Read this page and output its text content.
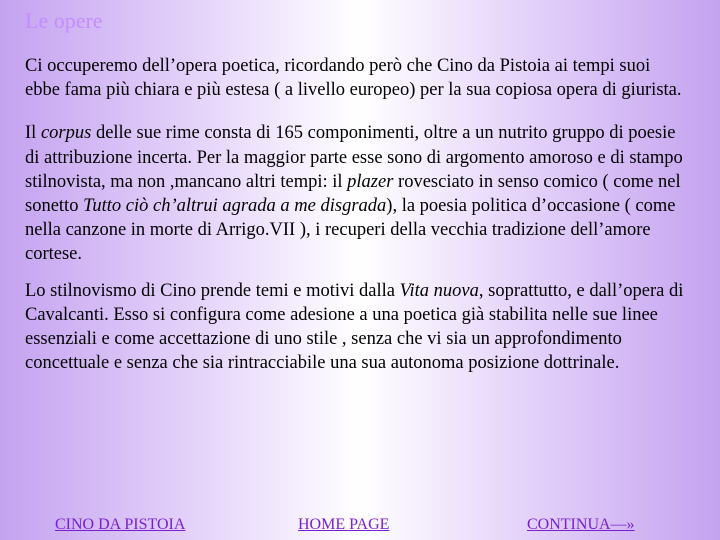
Le opere

Ci occuperemo dell’opera poetica, ricordando però che Cino da Pistoia ai tempi suoi ebbe fama più chiara e più estesa ( a livello europeo) per la sua copiosa opera di giurista.

Il corpus delle sue rime consta di 165 componimenti, oltre a un nutrito gruppo di poesie di attribuzione incerta. Per la maggior parte esse sono di argomento amoroso e di stampo stilnovista, ma non ,mancano altri tempi: il plazer rovesciato in senso comico ( come nel sonetto Tutto ciò ch’altrui agrada a me disgrada), la poesia politica d’occasione ( come nella canzone in morte di Arrigo.VII ), i recuperi della vecchia tradizione dell’amore cortese.

Lo stilnovismo di Cino prende temi e motivi dalla Vita nuova, soprattutto, e dall’opera di Cavalcanti. Esso si configura come adesione a una poetica già stabilita nelle sue linee essenziali e come accettazione di uno stile , senza che vi sia un approfondimento concettuale e senza che sia rintracciabile una sua autonoma posizione dottrinale.

CINO DA PISTOIA	HOME PAGE	CONTINUA—»
